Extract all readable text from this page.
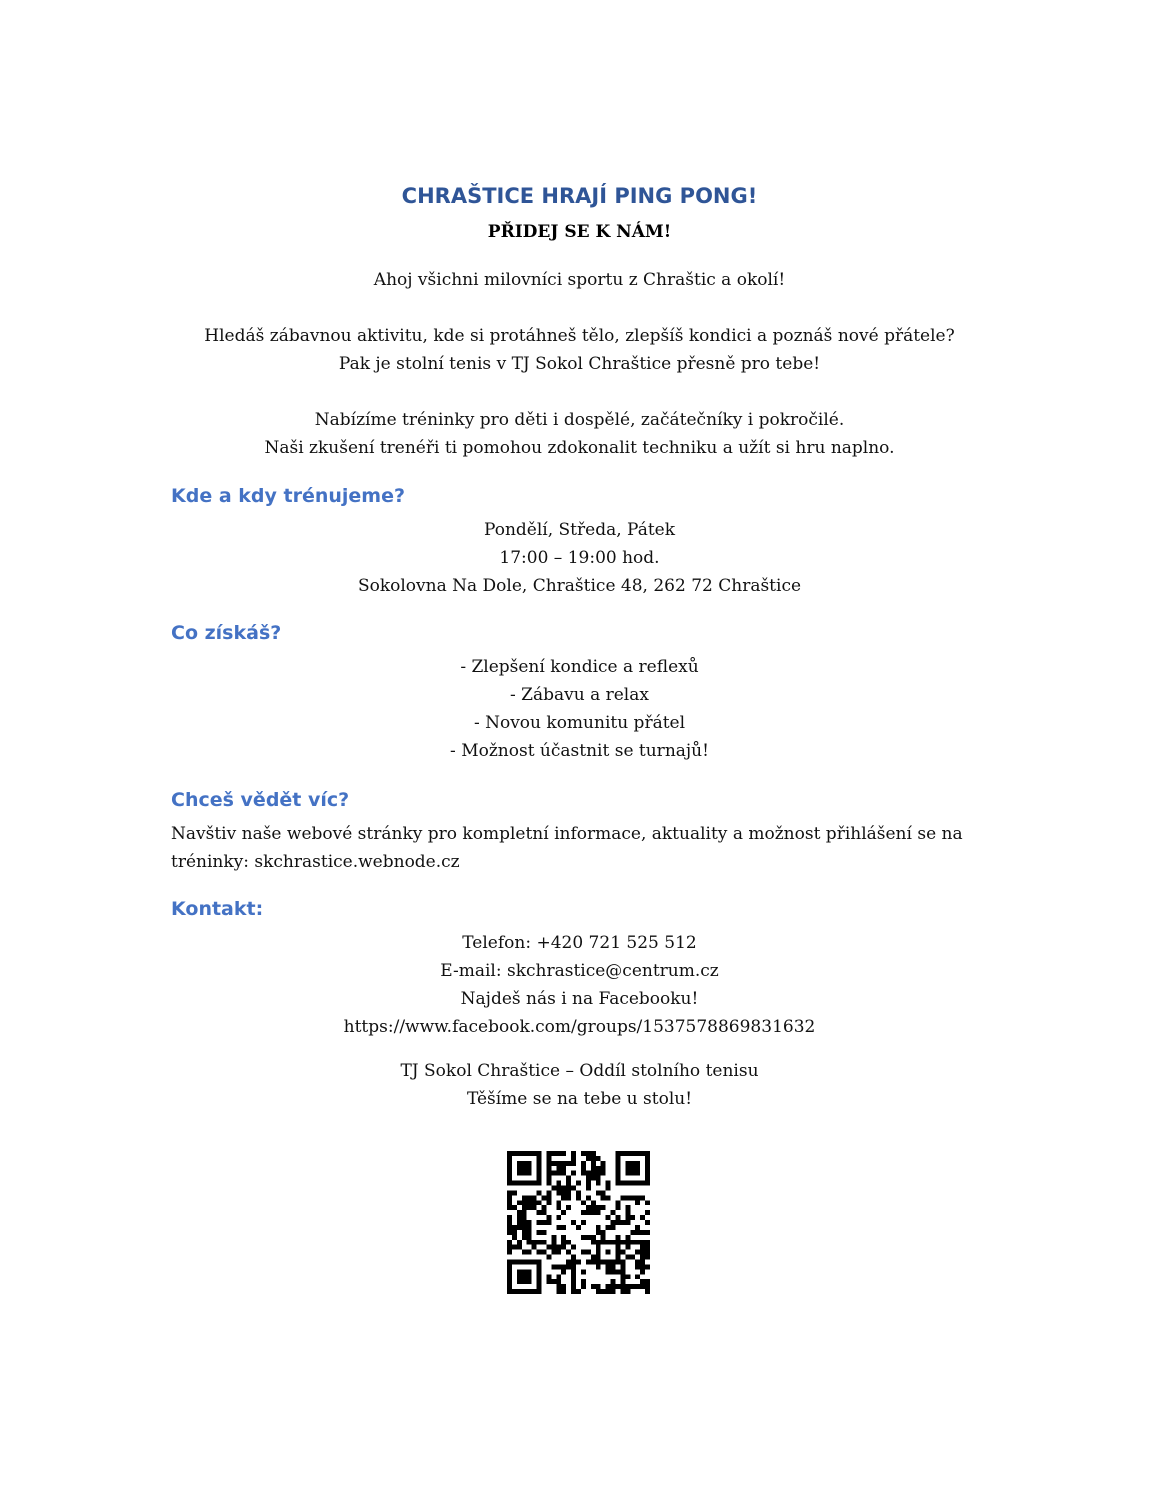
CHRAŠTICE HRAJÍ PING PONG!
PŘIDEJ SE K NÁM!
Ahoj všichni milovníci sportu z Chraštic a okolí!
Hledáš zábavnou aktivitu, kde si protáhneš tělo, zlepšíš kondici a poznáš nové přátele?
Pak je stolní tenis v TJ Sokol Chraštice přesně pro tebe!
Nabízíme tréninky pro děti i dospělé, začátečníky i pokročilé.
Naši zkušení trenéři ti pomohou zdokonalit techniku a užít si hru naplno.
Kde a kdy trénujeme?
Pondělí, Středa, Pátek
17:00 – 19:00 hod.
Sokolovna Na Dole, Chraštice 48, 262 72 Chraštice
Co získáš?
- Zlepšení kondice a reflexů
- Zábavu a relax
- Novou komunitu přátel
- Možnost účastnit se turnajů!
Chceš vědět víc?
Navštiv naše webové stránky pro kompletní informace, aktuality a možnost přihlášení se na
tréninky: skchrastice.webnode.cz
Kontakt:
Telefon: +420 721 525 512
E-mail: skchrastice@centrum.cz
Najdeš nás i na Facebooku!
https://www.facebook.com/groups/1537578869831632
TJ Sokol Chraštice – Oddíl stolního tenisu
Těšíme se na tebe u stolu!
